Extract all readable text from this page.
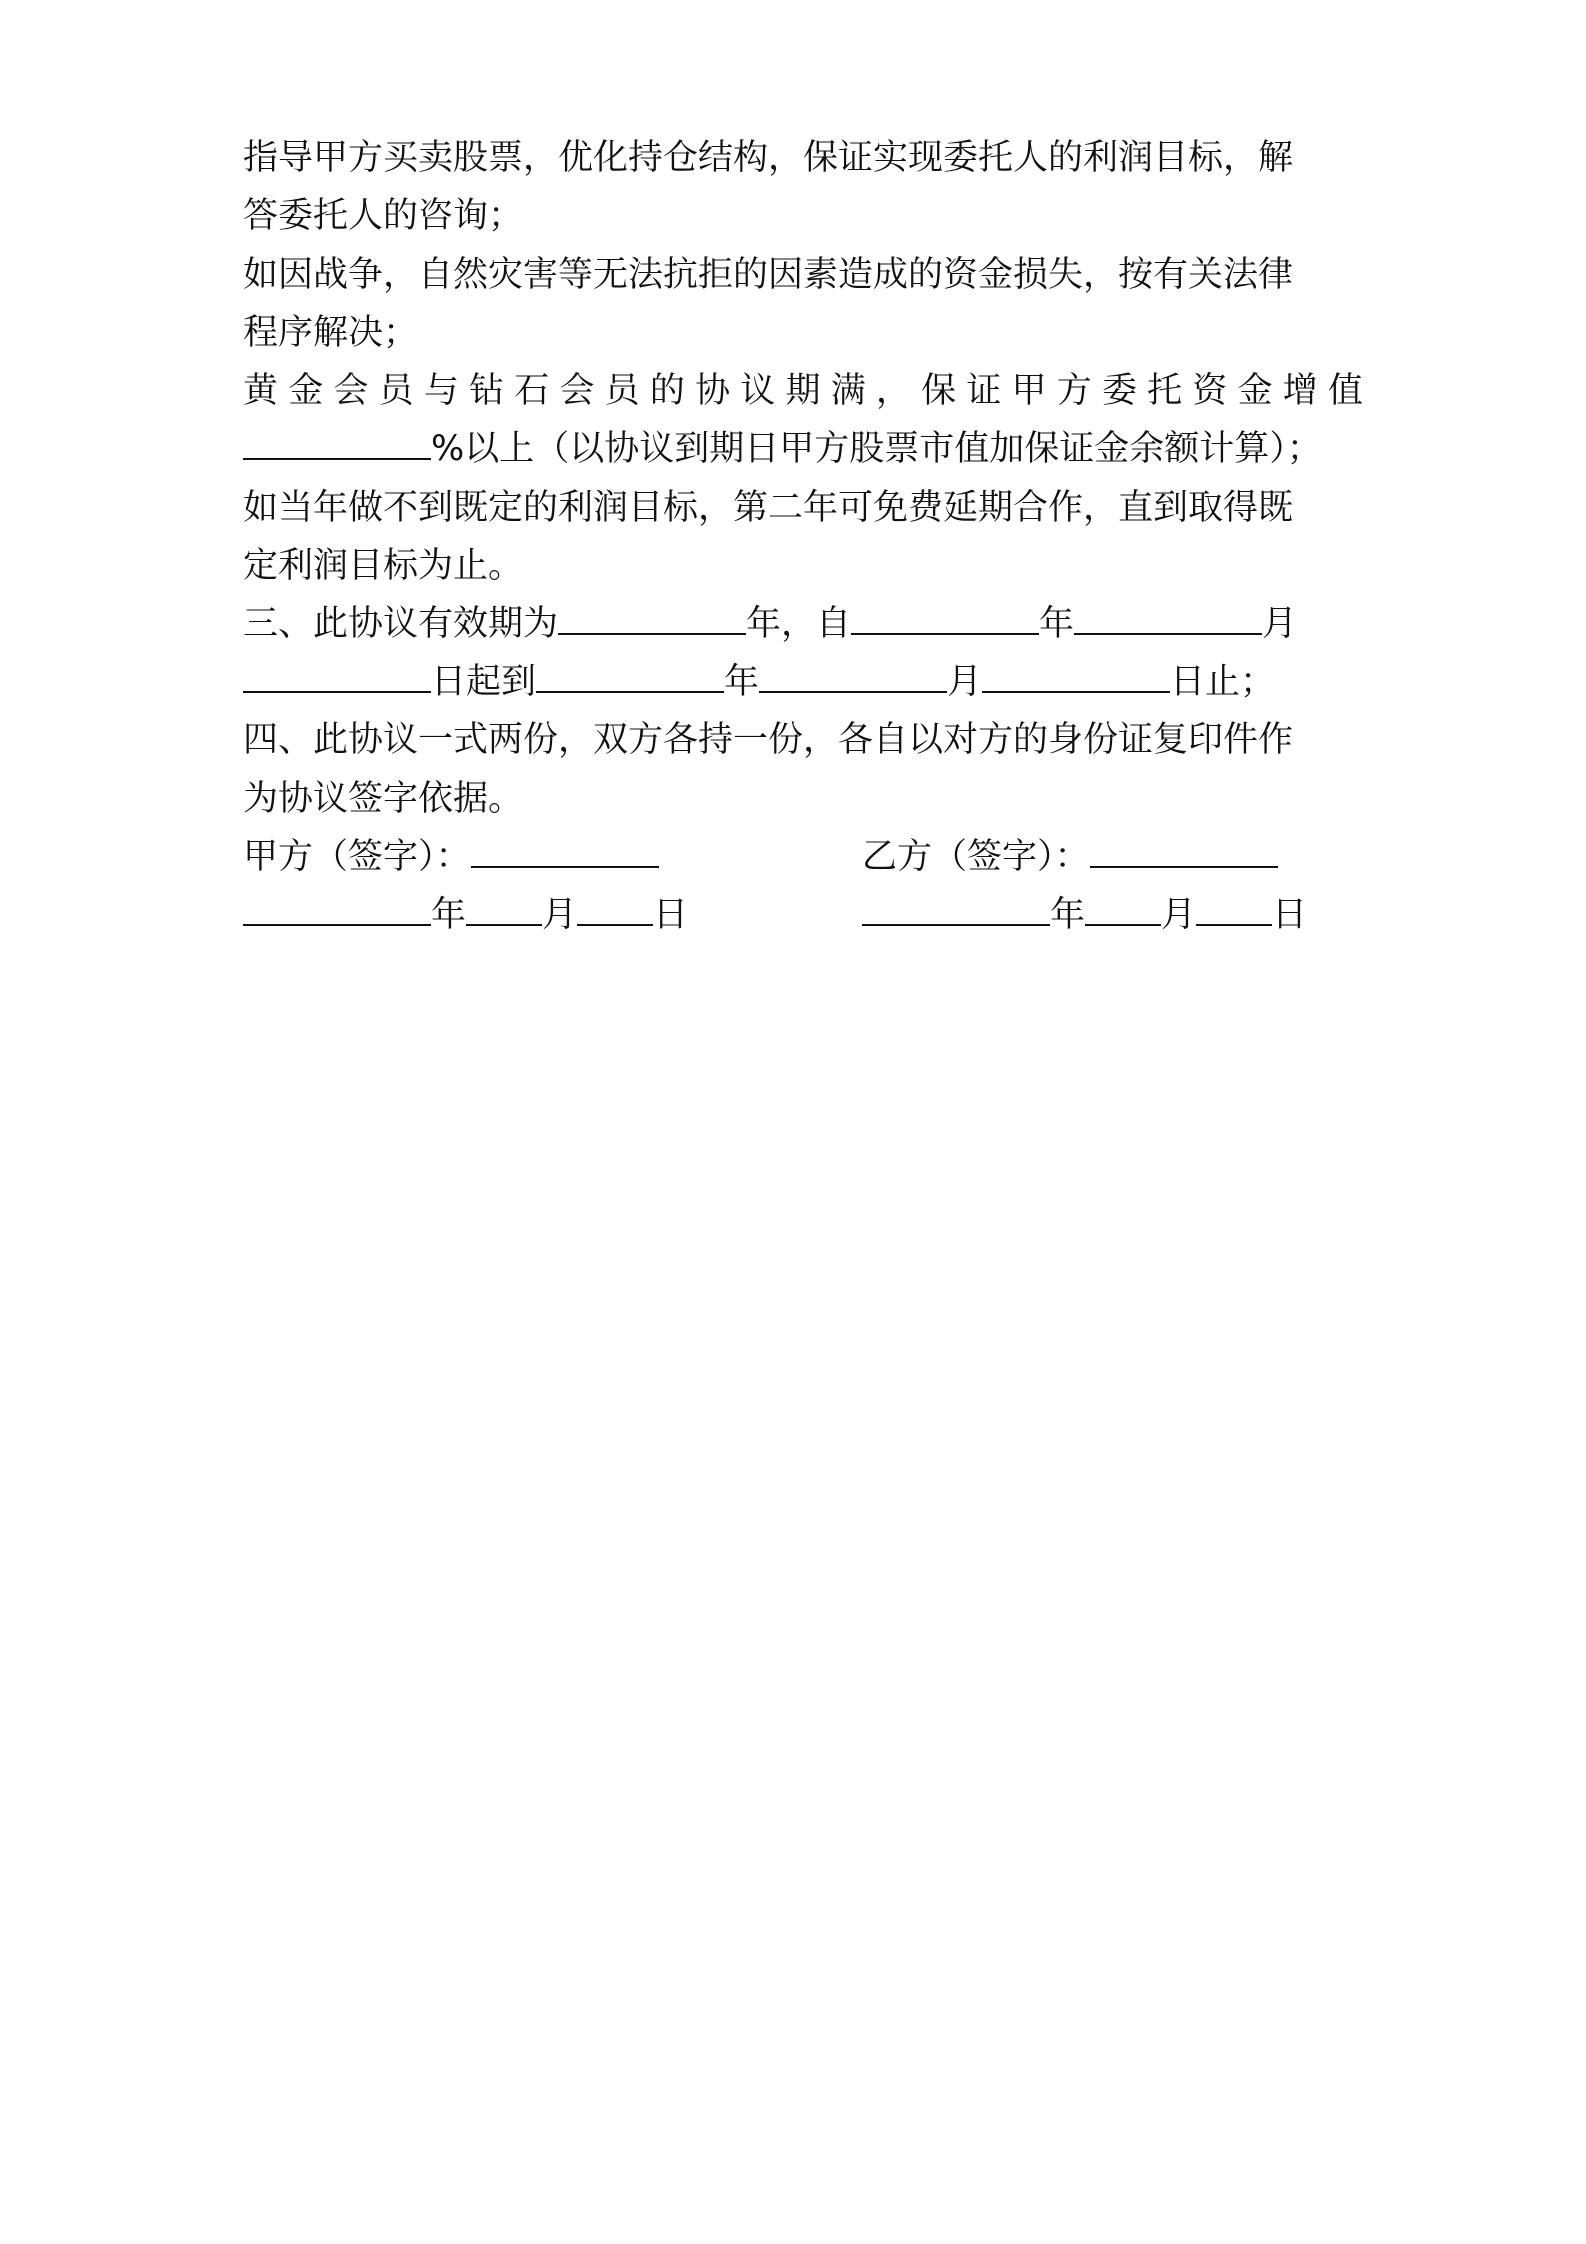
指导甲方买卖股票，优化持仓结构，保证实现委托人的利润目标，解
答委托人的咨询；
如因战争，自然灾害等无法抗拒的因素造成的资金损失，按有关法律
程序解决；
黄金会员与钻石会员的协议期满，保证甲方委托资金增值
%以上（以协议到期日甲方股票市值加保证金余额计算）；
如当年做不到既定的利润目标，第二年可免费延期合作，直到取得既
定利润目标为止。
三、此协议有效期为	年，自	年	月
日起到	年	月	日止；
四、此协议一式两份，双方各持一份，各自以对方的身份证复印件作
为协议签字依据。
甲方（签字）：	乙方（签字）：
年 月 日	年 月 日
